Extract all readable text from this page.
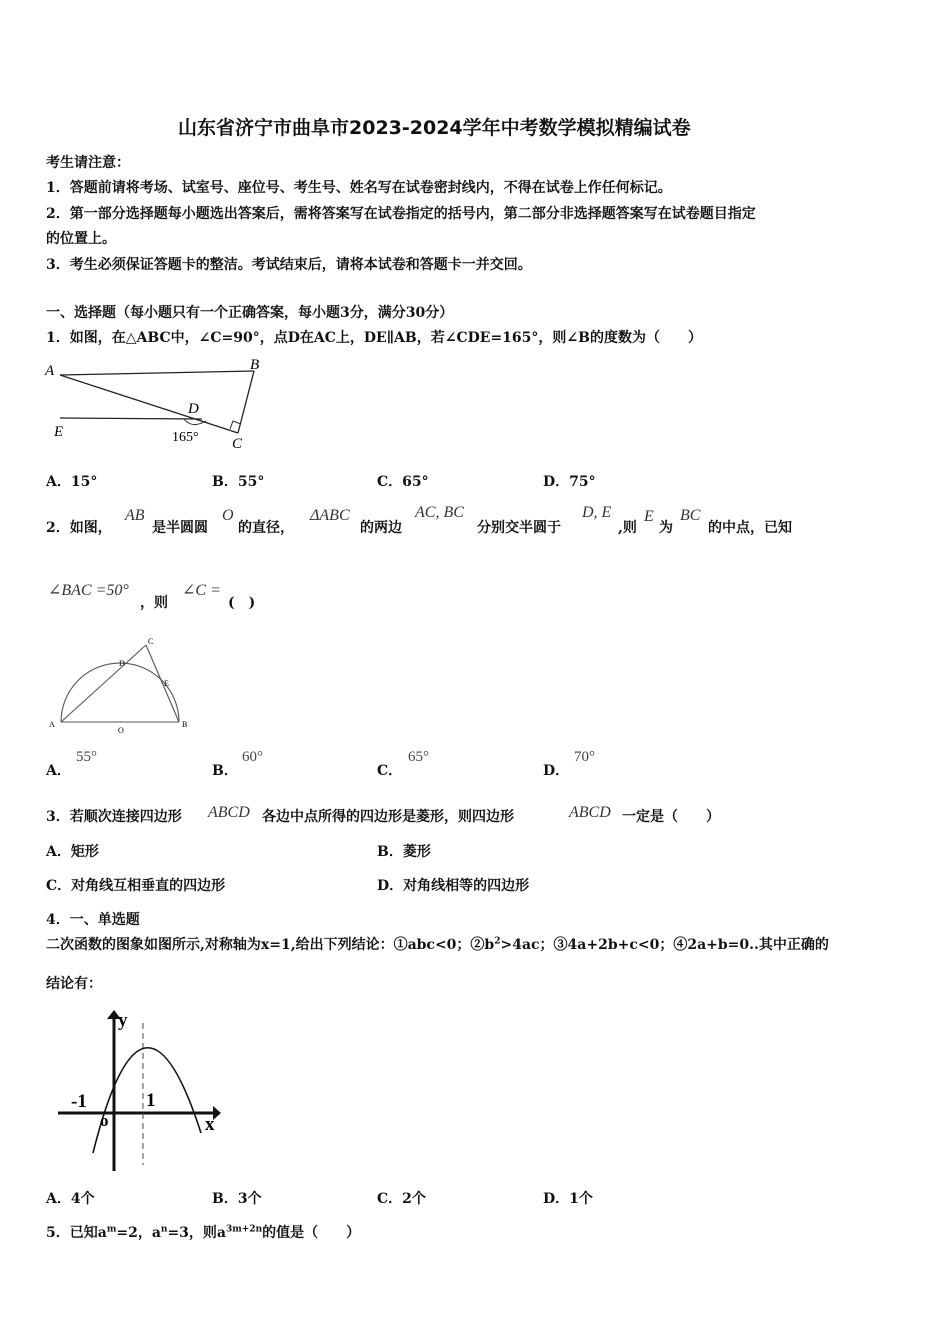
山东省济宁市曲阜市2023-2024学年中考数学模拟精编试卷
考生请注意：
1．答题前请将考场、试室号、座位号、考生号、姓名写在试卷密封线内，不得在试卷上作任何标记。
2．第一部分选择题每小题选出答案后，需将答案写在试卷指定的括号内，第二部分非选择题答案写在试卷题目指定
的位置上。
3．考生必须保证答题卡的整洁。考试结束后，请将本试卷和答题卡一并交回。
一、选择题（每小题只有一个正确答案，每小题3分，满分30分）
1．如图，在△ABC中，∠C=90°，点D在AC上，DE∥AB，若∠CDE=165°，则∠B的度数为（　　）
A	B
C
D
E	165°
A．15°	B．55°	C．65°	D．75°
2．如图，
AB
是半圆圆
O
的直径，
ΔABC
的两边
AC, BC
分别交半圆于
D, E
,则
E
为
BC
的中点，已知
∠BAC =50°
，则
∠C =
(　)
A	B
C
D
E
O
A．
55°
B．
60°
C．
65°
D．
70°
3．若顺次连接四边形 ABCD 各边中点所得的四边形是菱形，则四边形	ABCD 一定是（　　）
A．矩形	B．菱形
C．对角线互相垂直的四边形	D．对角线相等的四边形
4．一、单选题
二次函数的图象如图所示,对称轴为x=1,给出下列结论：①abc<0；$②b^2>4ac$；③4a+2b+c<0；④2a+b=0..其中正确的
结论有：
y
x
o
-1	1
A．4个	B．3个	C．2个	D．1个
5．已知$a^m=2$，$a^n=3$，则$a^{3m+2n}$的值是（　　）
